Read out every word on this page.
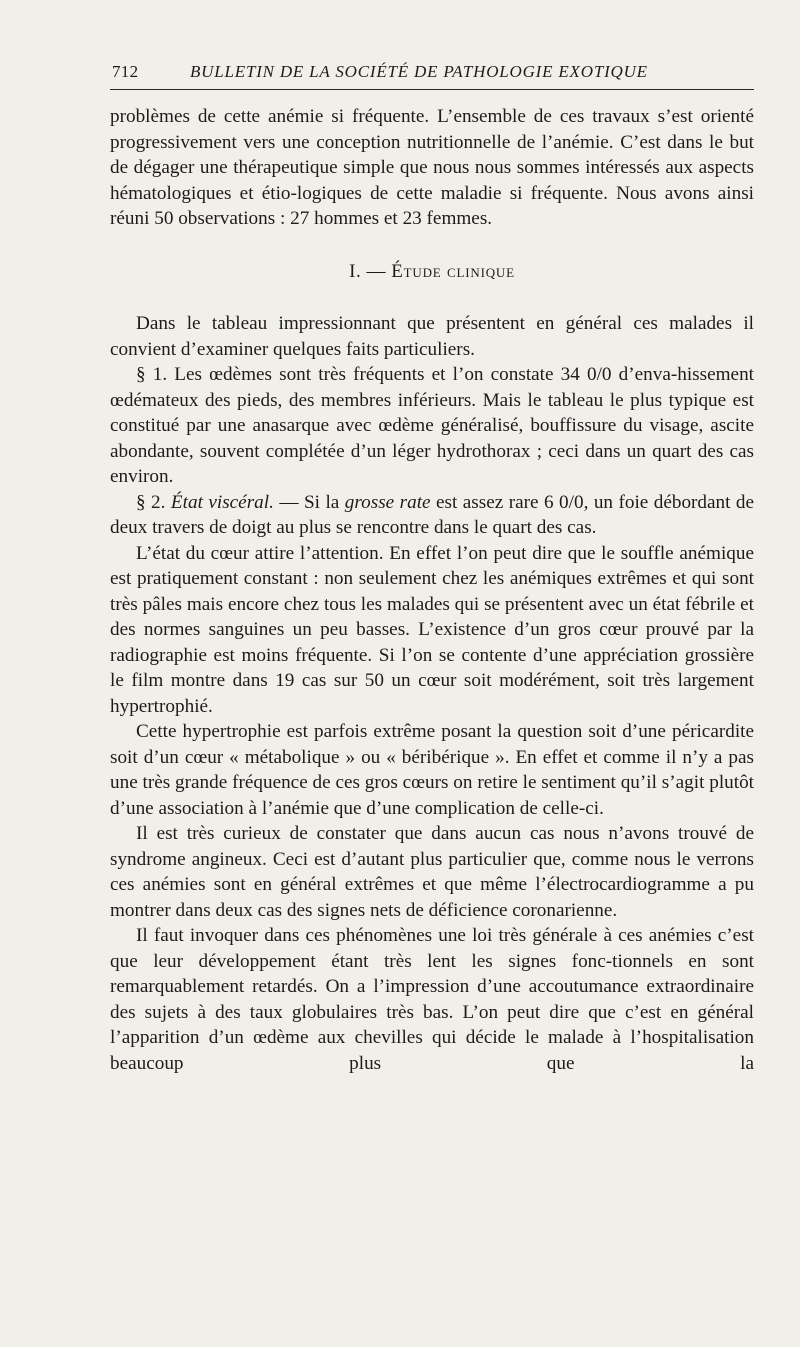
712	BULLETIN DE LA SOCIÉTÉ DE PATHOLOGIE EXOTIQUE

problèmes de cette anémie si fréquente. L’ensemble de ces travaux s’est orienté progressivement vers une conception nutritionnelle de l’anémie. C’est dans le but de dégager une thérapeutique simple que nous nous sommes intéressés aux aspects hématologiques et étio-logiques de cette maladie si fréquente. Nous avons ainsi réuni 50 observations : 27 hommes et 23 femmes.

I. — Étude clinique

Dans le tableau impressionnant que présentent en général ces malades il convient d’examiner quelques faits particuliers.

§ 1. Les œdèmes sont très fréquents et l’on constate 34 0/0 d’enva-hissement œdémateux des pieds, des membres inférieurs. Mais le tableau le plus typique est constitué par une anasarque avec œdème généralisé, bouffissure du visage, ascite abondante, souvent complétée d’un léger hydrothorax ; ceci dans un quart des cas environ.

§ 2. État viscéral. — Si la grosse rate est assez rare 6 0/0, un foie débordant de deux travers de doigt au plus se rencontre dans le quart des cas.

L’état du cœur attire l’attention. En effet l’on peut dire que le souffle anémique est pratiquement constant : non seulement chez les anémiques extrêmes et qui sont très pâles mais encore chez tous les malades qui se présentent avec un état fébrile et des normes sanguines un peu basses. L’existence d’un gros cœur prouvé par la radiographie est moins fréquente. Si l’on se contente d’une appréciation grossière le film montre dans 19 cas sur 50 un cœur soit modérément, soit très largement hypertrophié.

Cette hypertrophie est parfois extrême posant la question soit d’une péricardite soit d’un cœur « métabolique » ou « béribérique ». En effet et comme il n’y a pas une très grande fréquence de ces gros cœurs on retire le sentiment qu’il s’agit plutôt d’une association à l’anémie que d’une complication de celle-ci.

Il est très curieux de constater que dans aucun cas nous n’avons trouvé de syndrome angineux. Ceci est d’autant plus particulier que, comme nous le verrons ces anémies sont en général extrêmes et que même l’électrocardiogramme a pu montrer dans deux cas des signes nets de déficience coronarienne.

Il faut invoquer dans ces phénomènes une loi très générale à ces anémies c’est que leur développement étant très lent les signes fonc-tionnels en sont remarquablement retardés. On a l’impression d’une accoutumance extraordinaire des sujets à des taux globulaires très bas. L’on peut dire que c’est en général l’apparition d’un œdème aux chevilles qui décide le malade à l’hospitalisation beaucoup plus que la
